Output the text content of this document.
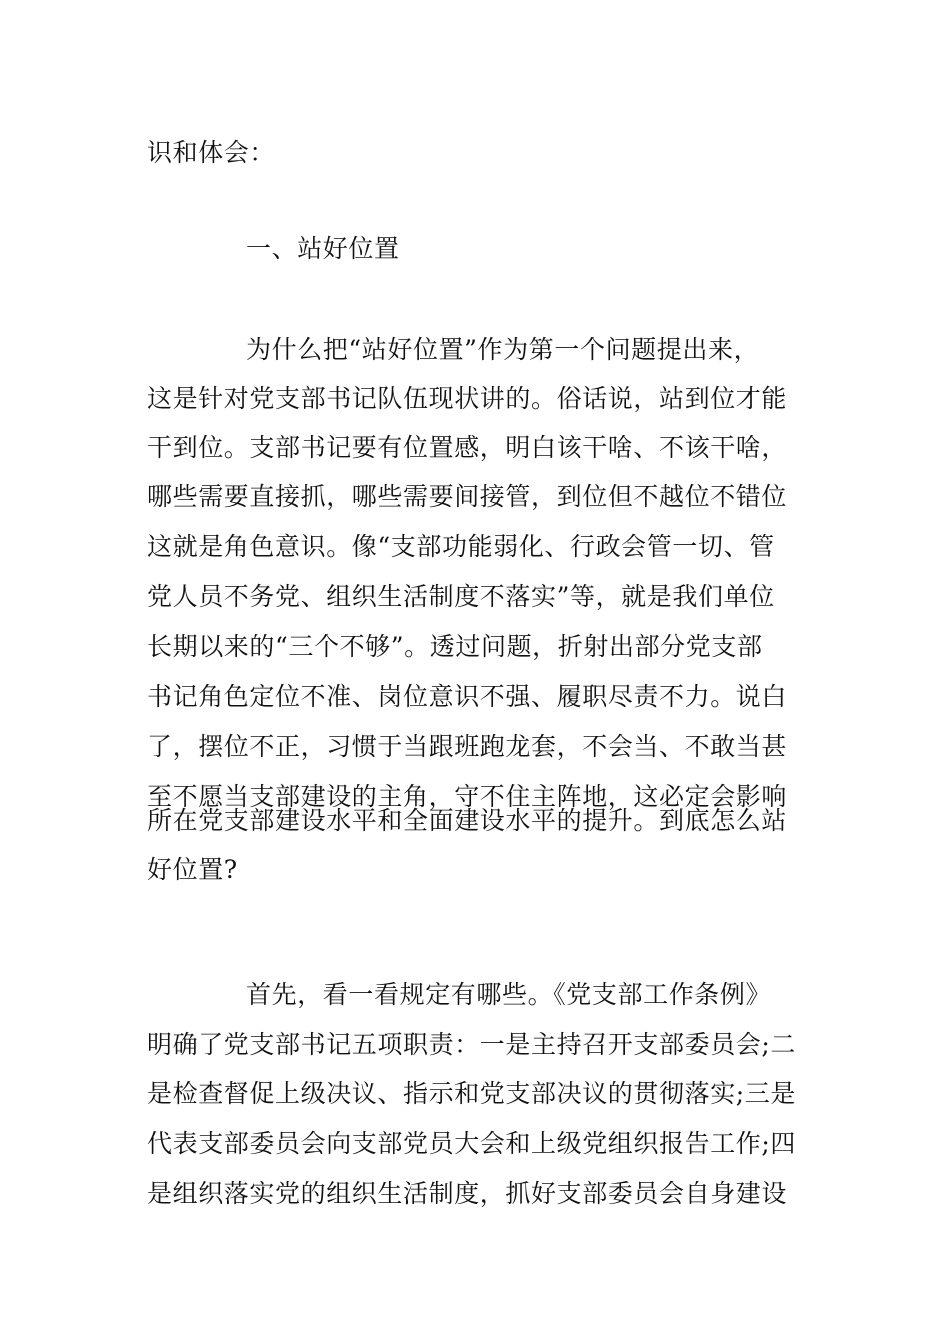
识和体会：
一、站好位置
为什么把“站好位置”作为第一个问题提出来，
这是针对党支部书记队伍现状讲的。俗话说，站到位才能
干到位。支部书记要有位置感，明白该干啥、不该干啥，
哪些需要直接抓，哪些需要间接管，到位但不越位不错位
这就是角色意识。像“支部功能弱化、行政会管一切、管
党人员不务党、组织生活制度不落实”等，就是我们单位
长期以来的“三个不够”。透过问题，折射出部分党支部
书记角色定位不准、岗位意识不强、履职尽责不力。说白
了，摆位不正，习惯于当跟班跑龙套，不会当、不敢当甚
至不愿当支部建设的主角，守不住主阵地，这必定会影响
所在党支部建设水平和全面建设水平的提升。到底怎么站
好位置?
首先，看一看规定有哪些。《党支部工作条例》
明确了党支部书记五项职责：一是主持召开支部委员会;二
是检查督促上级决议、指示和党支部决议的贯彻落实;三是
代表支部委员会向支部党员大会和上级党组织报告工作;四
是组织落实党的组织生活制度，抓好支部委员会自身建设
